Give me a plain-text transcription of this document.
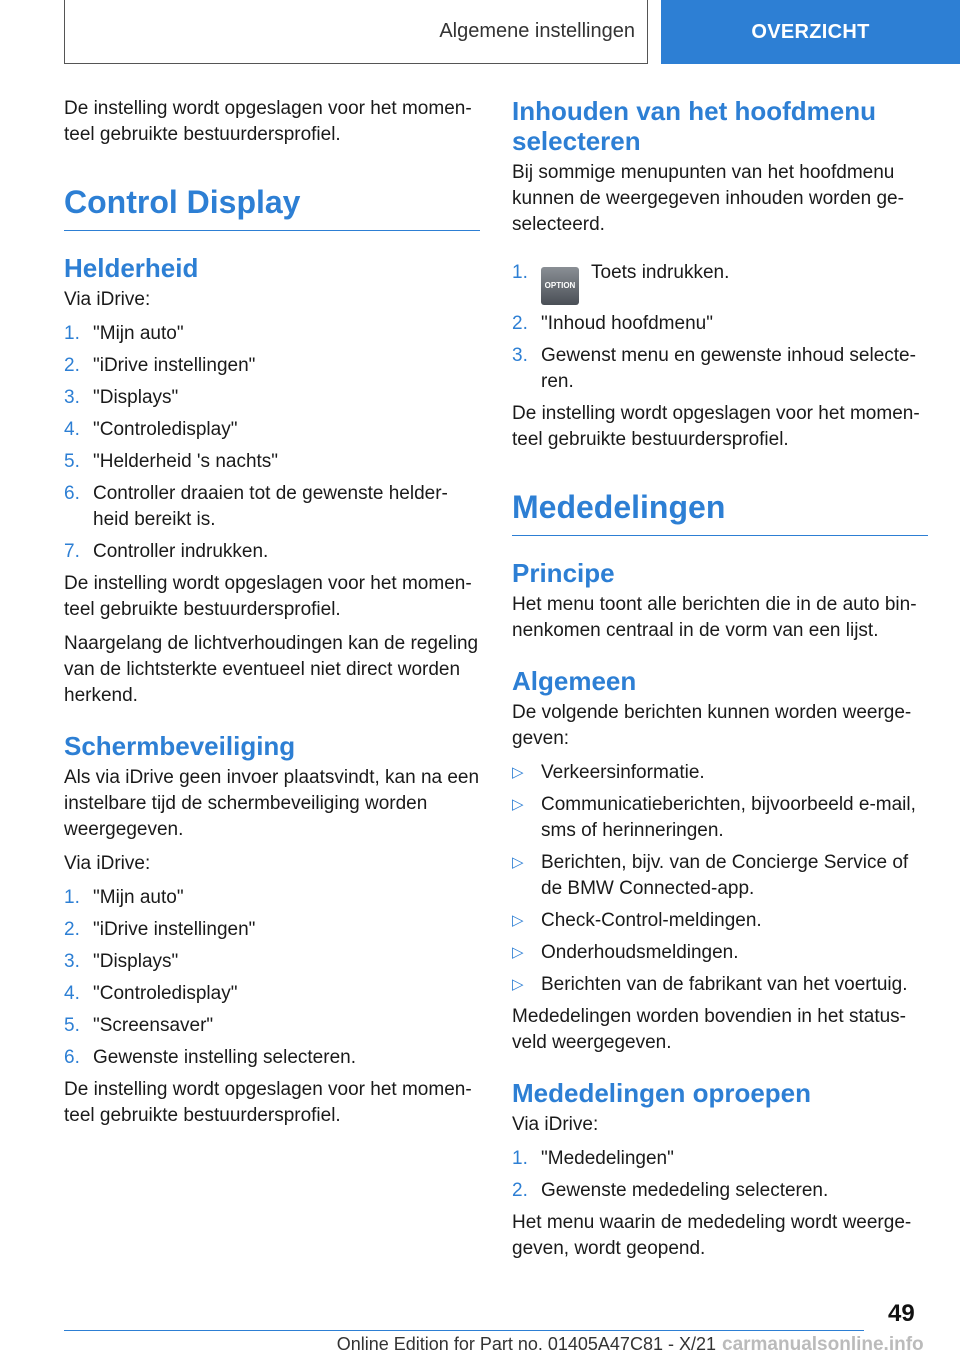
Algemene instellingen	OVERZICHT

De instelling wordt opgeslagen voor het momen-teel gebruikte bestuurdersprofiel.

Control Display
Helderheid

Via iDrive:

1. "Mijn auto"
2. "iDrive instellingen"
3. "Displays"
4. "Controledisplay"
5. "Helderheid 's nachts"
6. Controller draaien tot de gewenste helder-heid bereikt is.
7. Controller indrukken.

De instelling wordt opgeslagen voor het momen-teel gebruikte bestuurdersprofiel.

Naargelang de lichtverhoudingen kan de regeling van de lichtsterkte eventueel niet direct worden herkend.

Schermbeveiliging

Als via iDrive geen invoer plaatsvindt, kan na een instelbare tijd de schermbeveiliging worden weergegeven.

Via iDrive:

1. "Mijn auto"
2. "iDrive instellingen"
3. "Displays"
4. "Controledisplay"
5. "Screensaver"
6. Gewenste instelling selecteren.

De instelling wordt opgeslagen voor het momen-teel gebruikte bestuurdersprofiel.

Inhouden van het hoofdmenu selecteren

Bij sommige menupunten van het hoofdmenu kunnen de weergegeven inhouden worden ge-selecteerd.

1.
OPTIONToets indrukken.
2. "Inhoud hoofdmenu"
3. Gewenst menu en gewenste inhoud selecte-ren.

De instelling wordt opgeslagen voor het momen-teel gebruikte bestuurdersprofiel.

Mededelingen
Principe

Het menu toont alle berichten die in de auto bin-nenkomen centraal in de vorm van een lijst.

Algemeen

De volgende berichten kunnen worden weerge-geven:

▷ Verkeersinformatie.
▷ Communicatieberichten, bijvoorbeeld e-mail, sms of herinneringen.
▷ Berichten, bijv. van de Concierge Service of de BMW Connected-app.
▷ Check-Control-meldingen.
▷ Onderhoudsmeldingen.
▷ Berichten van de fabrikant van het voertuig.

Mededelingen worden bovendien in het status-veld weergegeven.

Mededelingen oproepen

Via iDrive:

1. "Mededelingen"
2. Gewenste mededeling selecteren.

Het menu waarin de mededeling wordt weerge-geven, wordt geopend.

49
Online Edition for Part no. 01405A47C81 - X/21 carmanualsonline.info
